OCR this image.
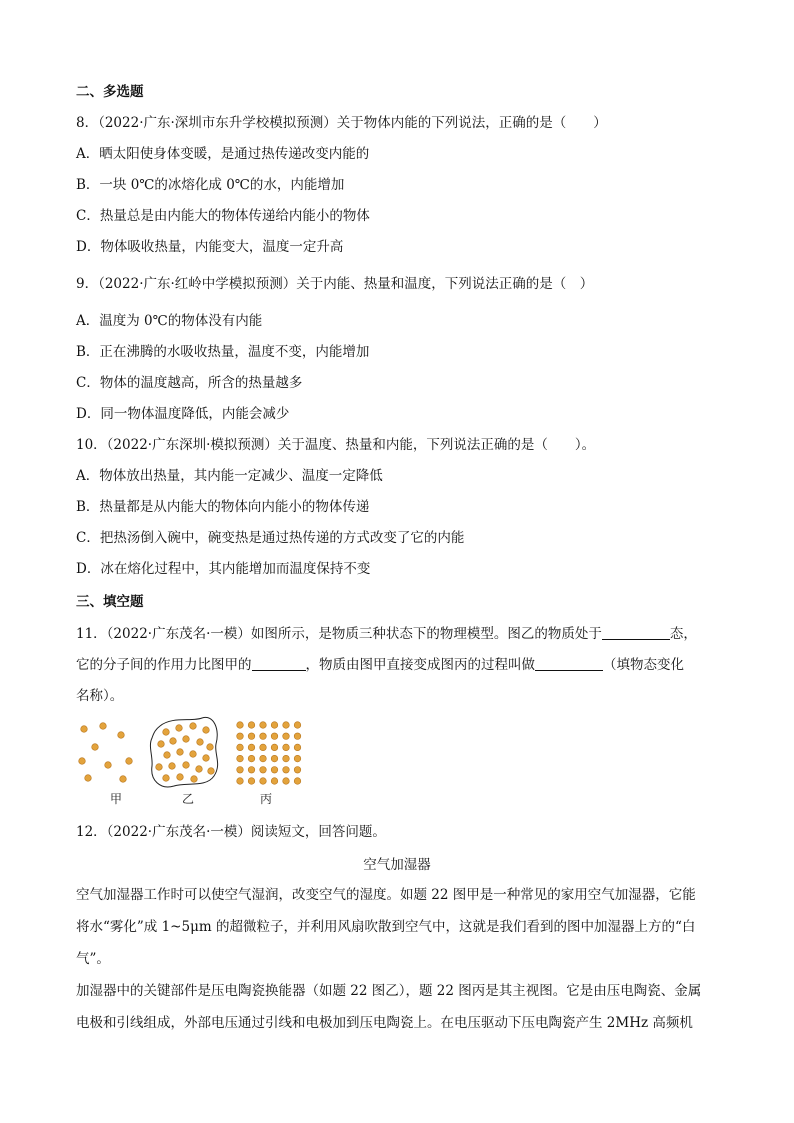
二、多选题
8．（2022·广东·深圳市东升学校模拟预测）关于物体内能的下列说法，正确的是（　　）
A．晒太阳使身体变暖，是通过热传递改变内能的
B．一块 0℃的冰熔化成 0℃的水，内能增加
C．热量总是由内能大的物体传递给内能小的物体
D．物体吸收热量，内能变大，温度一定升高
9．（2022·广东·红岭中学模拟预测）关于内能、热量和温度，下列说法正确的是（　）
A．温度为 0℃的物体没有内能
B．正在沸腾的水吸收热量，温度不变，内能增加
C．物体的温度越高，所含的热量越多
D．同一物体温度降低，内能会减少
10．（2022·广东深圳·模拟预测）关于温度、热量和内能，下列说法正确的是（　　）。
A．物体放出热量，其内能一定减少、温度一定降低
B．热量都是从内能大的物体向内能小的物体传递
C．把热汤倒入碗中，碗变热是通过热传递的方式改变了它的内能
D．冰在熔化过程中，其内能增加而温度保持不变
三、填空题
11．（2022·广东茂名·一模）如图所示，是物质三种状态下的物理模型。图乙的物质处于	态，
它的分子间的作用力比图甲的	，物质由图甲直接变成图丙的过程叫做	（填物态变化
名称）。
甲	乙	丙
12．（2022·广东茂名·一模）阅读短文，回答问题。
空气加湿器
空气加湿器工作时可以使空气湿润，改变空气的湿度。如题 22 图甲是一种常见的家用空气加湿器，它能
将水“雾化”成 1~5μm 的超微粒子，并利用风扇吹散到空气中，这就是我们看到的图中加湿器上方的“白
气”。
加湿器中的关键部件是压电陶瓷换能器（如题 22 图乙），题 22 图丙是其主视图。它是由压电陶瓷、金属
电极和引线组成，外部电压通过引线和电极加到压电陶瓷上。在电压驱动下压电陶瓷产生 2MHz 高频机
